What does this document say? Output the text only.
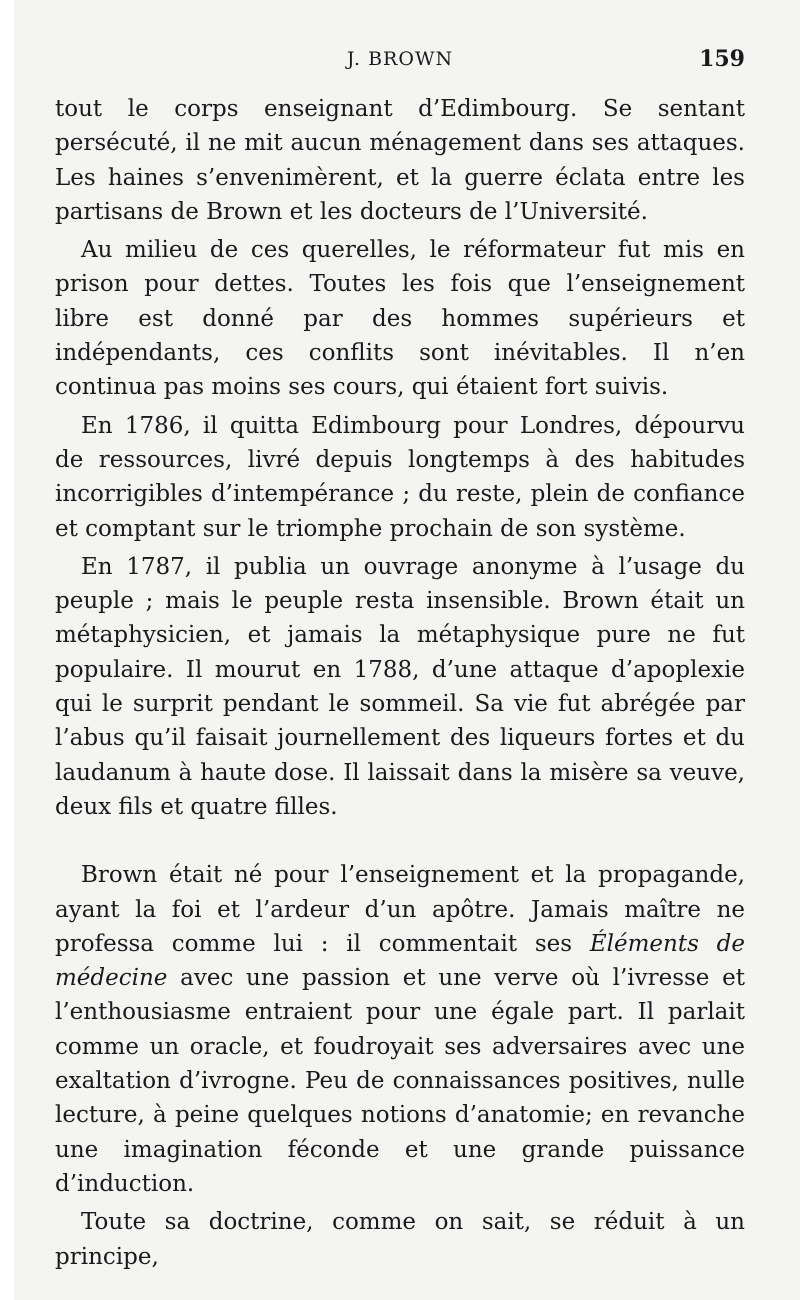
J. BROWN	159

tout le corps enseignant d’Edimbourg. Se sentant persécuté, il ne mit aucun ménagement dans ses attaques. Les haines s’envenimèrent, et la guerre éclata entre les partisans de Brown et les docteurs de l’Université.

Au milieu de ces querelles, le réformateur fut mis en prison pour dettes. Toutes les fois que l’enseignement libre est donné par des hommes supérieurs et indépendants, ces conflits sont inévitables. Il n’en continua pas moins ses cours, qui étaient fort suivis.

En 1786, il quitta Edimbourg pour Londres, dépourvu de ressources, livré depuis longtemps à des habitudes incorrigibles d’intempérance ; du reste, plein de confiance et comptant sur le triomphe prochain de son système.

En 1787, il publia un ouvrage anonyme à l’usage du peuple ; mais le peuple resta insensible. Brown était un métaphysicien, et jamais la métaphysique pure ne fut populaire. Il mourut en 1788, d’une attaque d’apoplexie qui le surprit pendant le sommeil. Sa vie fut abrégée par l’abus qu’il faisait journellement des liqueurs fortes et du laudanum à haute dose. Il laissait dans la misère sa veuve, deux fils et quatre filles.

Brown était né pour l’enseignement et la propagande, ayant la foi et l’ardeur d’un apôtre. Jamais maître ne professa comme lui : il commentait ses Éléments de médecine avec une passion et une verve où l’ivresse et l’enthousiasme entraient pour une égale part. Il parlait comme un oracle, et foudroyait ses adversaires avec une exaltation d’ivrogne. Peu de connaissances positives, nulle lecture, à peine quelques notions d’anatomie; en revanche une imagination féconde et une grande puissance d’induction.

Toute sa doctrine, comme on sait, se réduit à un principe,
